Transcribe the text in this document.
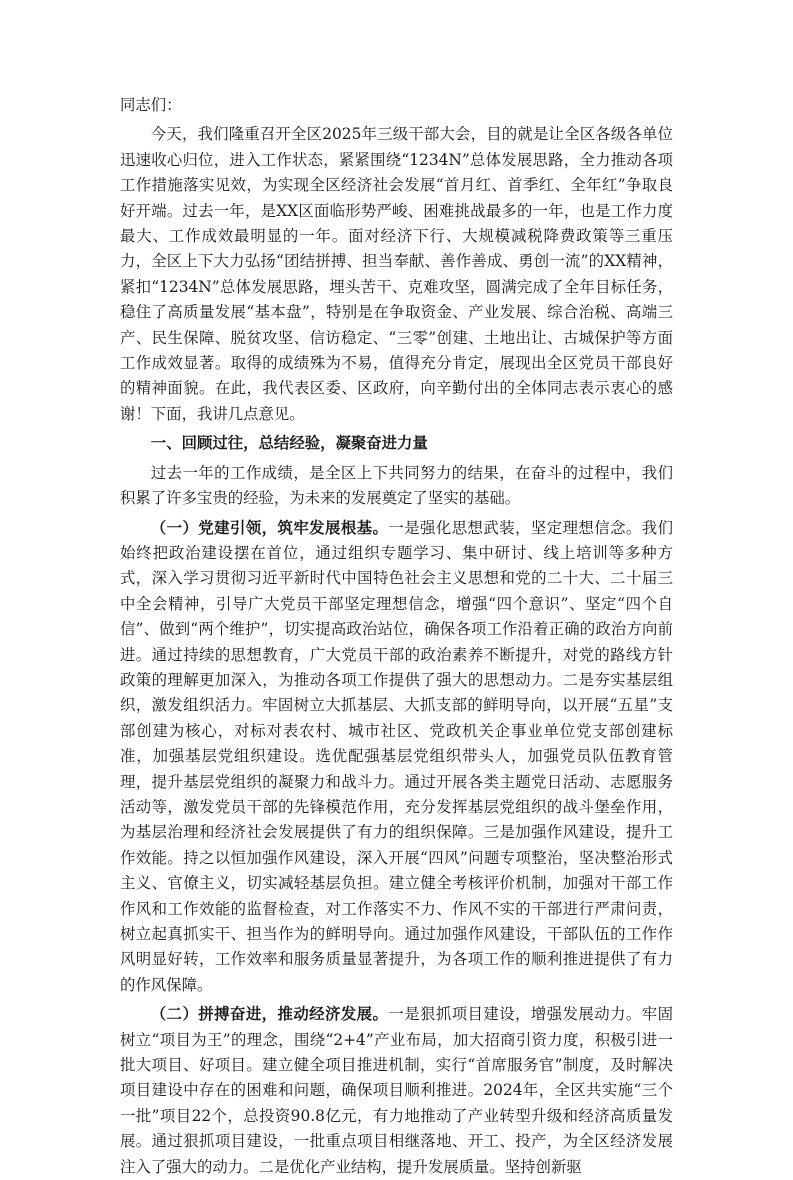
同志们：

今天，我们隆重召开全区2025年三级干部大会，目的就是让全区各级各单位迅速收心归位，进入工作状态，紧紧围绕“1234N”总体发展思路，全力推动各项工作措施落实见效，为实现全区经济社会发展“首月红、首季红、全年红”争取良好开端。过去一年，是XX区面临形势严峻、困难挑战最多的一年，也是工作力度最大、工作成效最明显的一年。面对经济下行、大规模减税降费政策等三重压力，全区上下大力弘扬“团结拼搏、担当奉献、善作善成、勇创一流”的XX精神，紧扣“1234N”总体发展思路，埋头苦干、克难攻坚，圆满完成了全年目标任务，稳住了高质量发展“基本盘”，特别是在争取资金、产业发展、综合治税、高端三产、民生保障、脱贫攻坚、信访稳定、“三零”创建、土地出让、古城保护等方面工作成效显著。取得的成绩殊为不易，值得充分肯定，展现出全区党员干部良好的精神面貌。在此，我代表区委、区政府，向辛勤付出的全体同志表示衷心的感谢！下面，我讲几点意见。

一、回顾过往，总结经验，凝聚奋进力量

过去一年的工作成绩，是全区上下共同努力的结果，在奋斗的过程中，我们积累了许多宝贵的经验，为未来的发展奠定了坚实的基础。

（一）党建引领，筑牢发展根基。一是强化思想武装，坚定理想信念。我们始终把政治建设摆在首位，通过组织专题学习、集中研讨、线上培训等多种方式，深入学习贯彻习近平新时代中国特色社会主义思想和党的二十大、二十届三中全会精神，引导广大党员干部坚定理想信念，增强“四个意识”、坚定“四个自信”、做到“两个维护”，切实提高政治站位，确保各项工作沿着正确的政治方向前进。通过持续的思想教育，广大党员干部的政治素养不断提升，对党的路线方针政策的理解更加深入，为推动各项工作提供了强大的思想动力。二是夯实基层组织，激发组织活力。牢固树立大抓基层、大抓支部的鲜明导向，以开展“五星”支部创建为核心，对标对表农村、城市社区、党政机关企事业单位党支部创建标准，加强基层党组织建设。选优配强基层党组织带头人，加强党员队伍教育管理，提升基层党组织的凝聚力和战斗力。通过开展各类主题党日活动、志愿服务活动等，激发党员干部的先锋模范作用，充分发挥基层党组织的战斗堡垒作用，为基层治理和经济社会发展提供了有力的组织保障。三是加强作风建设，提升工作效能。持之以恒加强作风建设，深入开展“四风”问题专项整治，坚决整治形式主义、官僚主义，切实减轻基层负担。建立健全考核评价机制，加强对干部工作作风和工作效能的监督检查，对工作落实不力、作风不实的干部进行严肃问责，树立起真抓实干、担当作为的鲜明导向。通过加强作风建设，干部队伍的工作作风明显好转，工作效率和服务质量显著提升，为各项工作的顺利推进提供了有力的作风保障。

（二）拼搏奋进，推动经济发展。一是狠抓项目建设，增强发展动力。牢固树立“项目为王”的理念，围绕“2+4”产业布局，加大招商引资力度，积极引进一批大项目、好项目。建立健全项目推进机制，实行“首席服务官”制度，及时解决项目建设中存在的困难和问题，确保项目顺利推进。2024年，全区共实施“三个一批”项目22个，总投资90.8亿元，有力地推动了产业转型升级和经济高质量发展。通过狠抓项目建设，一批重点项目相继落地、开工、投产，为全区经济发展注入了强大的动力。二是优化产业结构，提升发展质量。坚持创新驱
